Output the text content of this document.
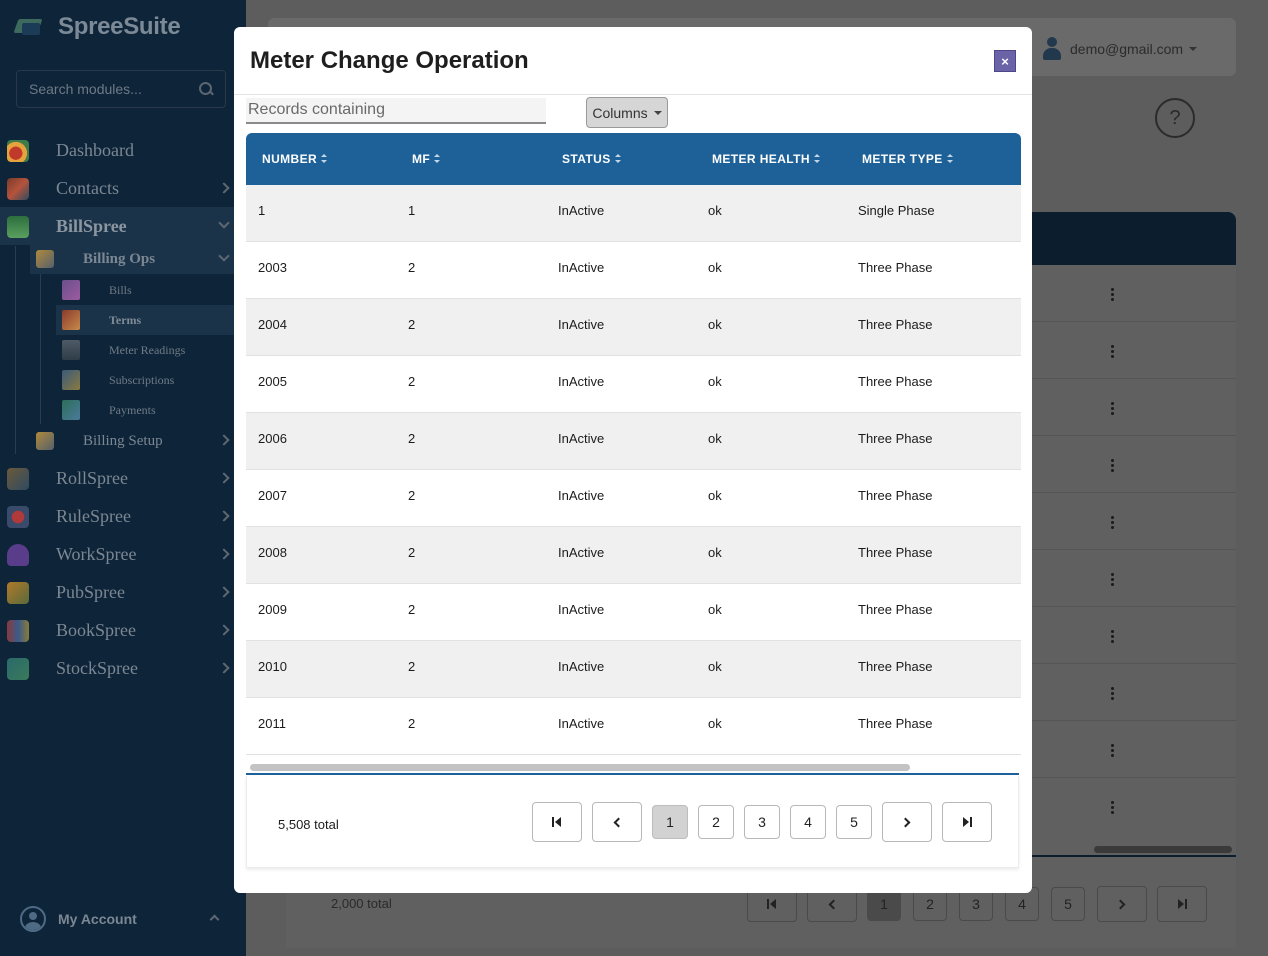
SpreeSuite
Search modules...
Dashboard
Contacts
BillSpree
Billing Ops
Bills
Terms
Meter Readings
Subscriptions
Payments
Billing Setup
RollSpree
RuleSpree
WorkSpree
PubSpree
BookSpree
StockSpree
My Account
demo@gmail.com
?
2,000 total	1	2	3	4	5
Meter Change Operation	×
Records containing
Columns
NUMBER	MF	STATUS	METER HEALTH	METER TYPE
1	1	InActive	ok	Single Phase
2003	2	InActive	ok	Three Phase
2004	2	InActive	ok	Three Phase
2005	2	InActive	ok	Three Phase
2006	2	InActive	ok	Three Phase
2007	2	InActive	ok	Three Phase
2008	2	InActive	ok	Three Phase
2009	2	InActive	ok	Three Phase
2010	2	InActive	ok	Three Phase
2011	2	InActive	ok	Three Phase
5,508 total	1	2	3	4	5
